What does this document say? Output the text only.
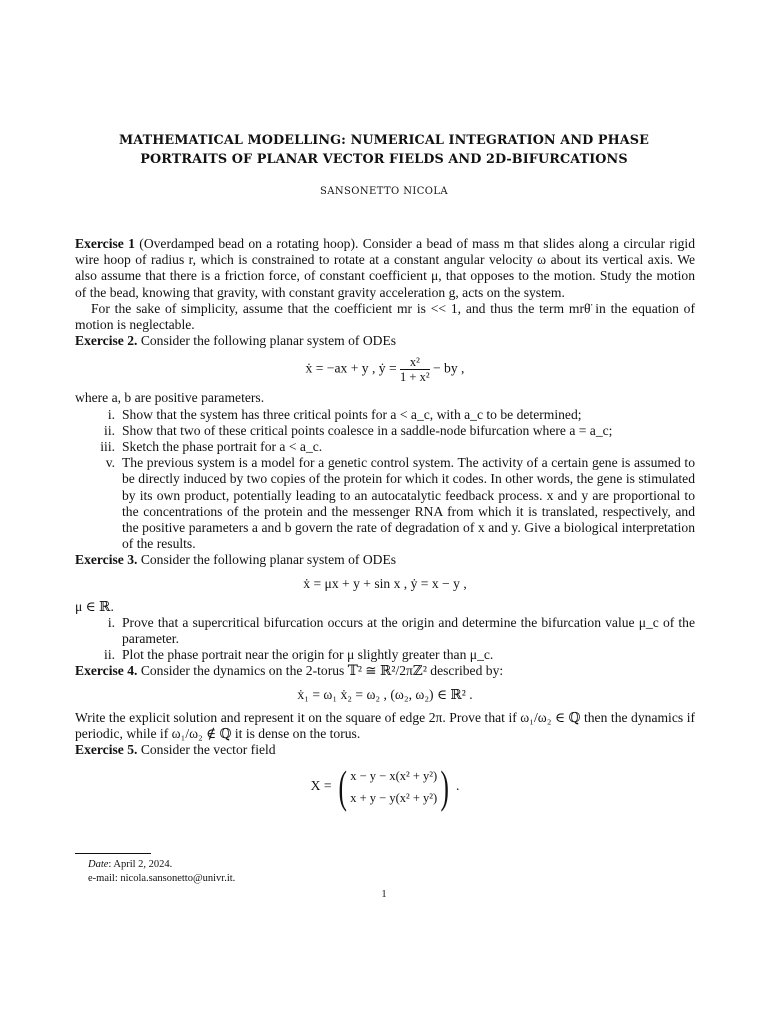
MATHEMATICAL MODELLING: NUMERICAL INTEGRATION AND PHASE
PORTRAITS OF PLANAR VECTOR FIELDS AND 2D-BIFURCATIONS
SANSONETTO NICOLA

Exercise 1 (Overdamped bead on a rotating hoop). Consider a bead of mass m that slides along a circular rigid wire hoop of radius r, which is constrained to rotate at a constant angular velocity ω about its vertical axis. We also assume that there is a friction force, of constant coefficient μ, that opposes to the motion. Study the motion of the bead, knowing that gravity, with constant gravity acceleration g, acts on the system.

For the sake of simplicity, assume that the coefficient mr is << 1, and thus the term mrθ̈ in the equation of motion is neglectable.

Exercise 2. Consider the following planar system of ODEs

ẋ = −ax + y , ẏ = $\frac{\text{x²}}{\text{1 + x²}}$ − by ,

where a, b are positive parameters.

i. Show that the system has three critical points for a < a_c, with a_c to be determined;
ii. Show that two of these critical points coalesce in a saddle-node bifurcation where a = a_c;
iii. Sketch the phase portrait for a < a_c.
v. The previous system is a model for a genetic control system. The activity of a certain gene is assumed to be directly induced by two copies of the protein for which it codes. In other words, the gene is stimulated by its own product, potentially leading to an autocatalytic feedback process. x and y are proportional to the concentrations of the protein and the messenger RNA from which it is translated, respectively, and the positive parameters a and b govern the rate of degradation of x and y. Give a biological interpretation of the results.

Exercise 3. Consider the following planar system of ODEs

ẋ = μx + y + sin x , ẏ = x − y ,

μ ∈ ℝ.

i. Prove that a supercritical bifurcation occurs at the origin and determine the bifurcation value μ_c of the parameter.
ii. Plot the phase portrait near the origin for μ slightly greater than μ_c.

Exercise 4. Consider the dynamics on the 2-torus 𝕋² ≅ ℝ²/2πℤ² described by:

ẋ₁ = ω₁ ẋ₂ = ω₂ , (ω₂, ω₂) ∈ ℝ² .

Write the explicit solution and represent it on the square of edge 2π. Prove that if ω₁/ω₂ ∈ ℚ then the dynamics if periodic, while if ω₁/ω₂ ∉ ℚ it is dense on the torus.

Exercise 5. Consider the vector field

X = ( x − y − x(x² + y²)
x + y − y(x² + y²) ) .
Date: April 2, 2024.
e-mail: nicola.sansonetto@univr.it.
1
